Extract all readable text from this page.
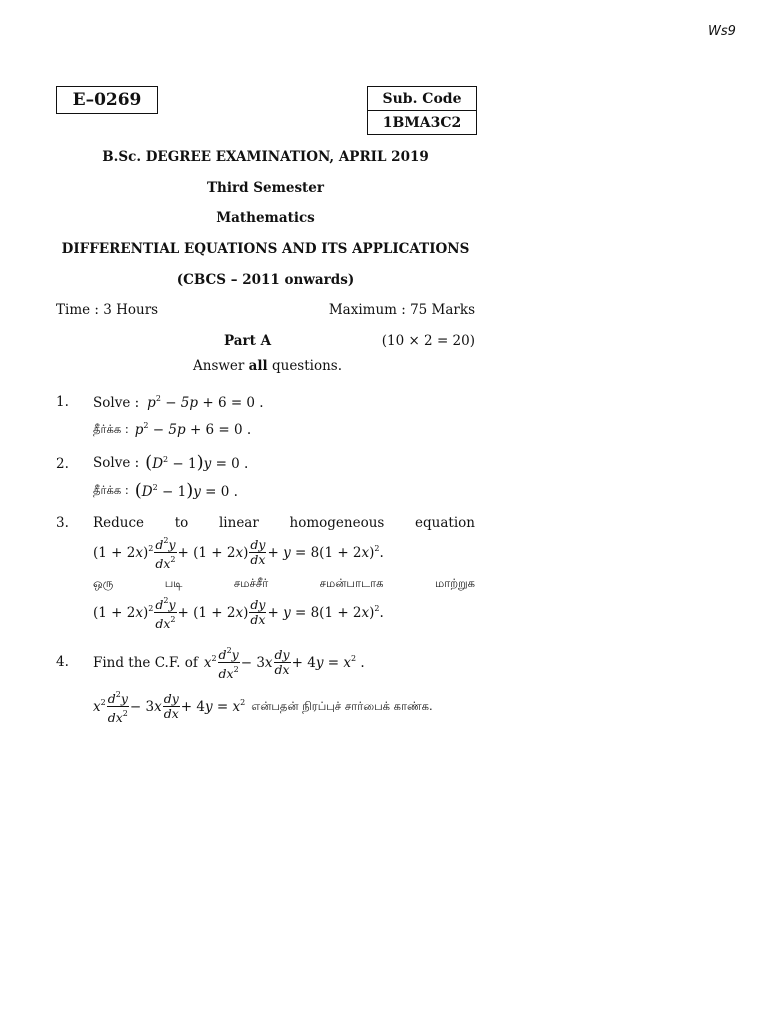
Ws9
E–0269	Sub. Code
1BMA3C2
B.Sc. DEGREE EXAMINATION, APRIL 2019
Third Semester
Mathematics
DIFFERENTIAL EQUATIONS AND ITS APPLICATIONS
(CBCS – 2011 onwards)
Time : 3 Hours	Maximum : 75 Marks
Part A	(10 × 2 = 20)
Answer all questions.
1. Solve : $p^2 - 5p + 6 = 0$ .
தீர்க்க : $p^2 - 5p + 6 = 0$ .
2. Solve : $(D^2 - 1)y = 0$ .
தீர்க்க : $(D^2 - 1)y = 0$ .
3. Reduce to linear homogeneous equation
$(1 + 2x)^2 \frac{d^2y}{dx^2} + (1 + 2x) \frac{dy}{dx} + y = 8(1 + 2x)^2$.
ஒரு	படி	சமச்சீர்	சமன்பாடாக	மாற்றுக
$(1 + 2x)^2 \frac{d^2y}{dx^2} + (1 + 2x) \frac{dy}{dx} + y = 8(1 + 2x)^2$.
4. Find the C.F. of $x^2 \frac{d^2y}{dx^2} - 3x \frac{dy}{dx} + 4y = x^2$ .
$x^2 \frac{d^2y}{dx^2} - 3x \frac{dy}{dx} + 4y = x^2$ என்பதன் நிரப்புச் சார்பைக் காண்க.
